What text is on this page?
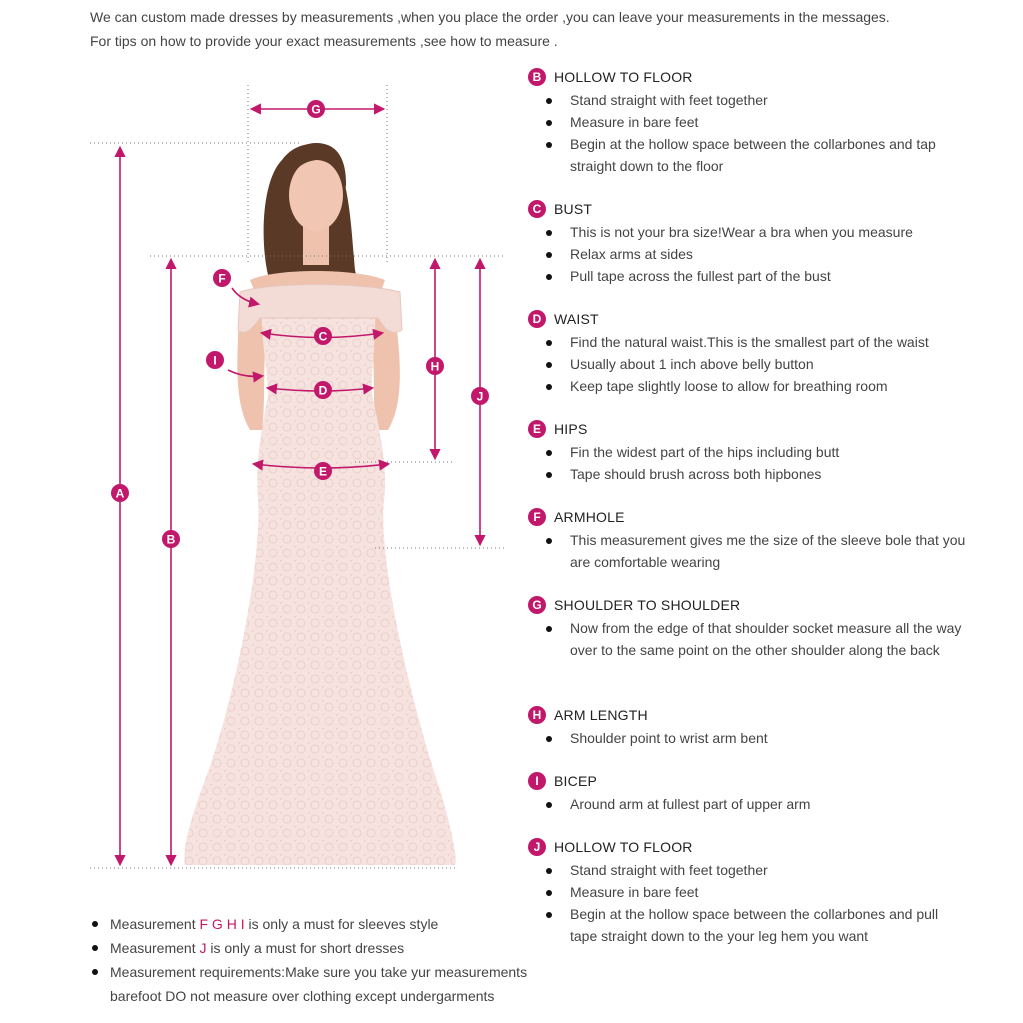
We can custom made dresses by measurements ,when you place the order ,you can leave your measurements in the messages.
For tips on how to provide your exact measurements ,see how to measure .
A
B
C
D
E
F
G
H
I
J
B HOLLOW TO FLOOR
Stand straight with feet together
Measure in bare feet
Begin at the hollow space between the collarbones and tap straight down to the floor
C BUST
This is not your bra size!Wear a bra when you measure
Relax arms at sides
Pull tape across the fullest part of the bust
D WAIST
Find the natural waist.This is the smallest part of the waist
Usually about 1 inch above belly button
Keep tape slightly loose to allow for breathing room
E HIPS
Fin the widest part of the hips including butt
Tape should brush across both hipbones
F ARMHOLE
This measurement gives me the size of the sleeve bole that you are comfortable wearing
G SHOULDER TO SHOULDER
Now from the edge of that shoulder socket measure all the way over to the same point on the other shoulder along the back
H ARM LENGTH
Shoulder point to wrist arm bent
I	BICEP
Around arm at fullest part of upper arm
J HOLLOW TO FLOOR
Stand straight with feet together
Measure in bare feet
Begin at the hollow space between the collarbones and pull tape straight down to the your leg hem you want
Measurement F G H I is only a must for sleeves style
Measurement J is only a must for short dresses
Measurement requirements:Make sure you take yur measurements barefoot DO not measure over clothing except undergarments
